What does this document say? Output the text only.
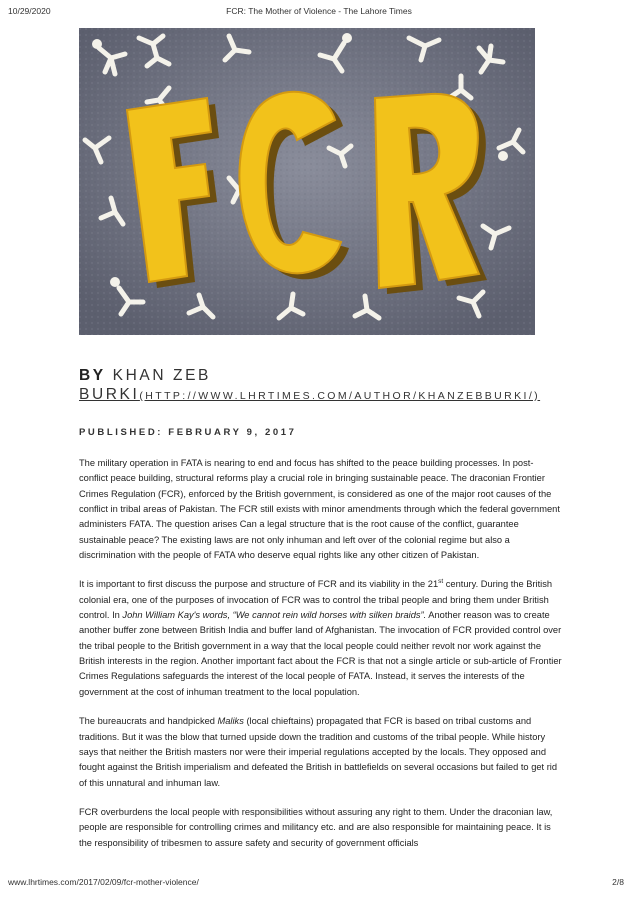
10/29/2020	FCR: The Mother of Violence - The Lahore Times
BY KHAN ZEB
BURKI(HTTP://WWW.LHRTIMES.COM/AUTHOR/KHANZEBBURKI/)
PUBLISHED: FEBRUARY 9, 2017

The military operation in FATA is nearing to end and focus has shifted to the peace building processes. In post-conflict peace building, structural reforms play a crucial role in bringing sustainable peace. The draconian Frontier Crimes Regulation (FCR), enforced by the British government, is considered as one of the major root causes of the conflict in tribal areas of Pakistan. The FCR still exists with minor amendments through which the federal government administers FATA. The question arises Can a legal structure that is the root cause of the conflict, guarantee sustainable peace? The existing laws are not only inhuman and left over of the colonial regime but also a discrimination with the people of FATA who deserve equal rights like any other citizen of Pakistan.

It is important to first discuss the purpose and structure of FCR and its viability in the 21st century. During the British colonial era, one of the purposes of invocation of FCR was to control the tribal people and bring them under British control. In John William Kay's words, “We cannot rein wild horses with silken braids”. Another reason was to create another buffer zone between British India and buffer land of Afghanistan. The invocation of FCR provided control over the tribal people to the British government in a way that the local people could neither revolt nor work against the British interests in the region. Another important fact about the FCR is that not a single article or sub-article of Frontier Crimes Regulations safeguards the interest of the local people of FATA. Instead, it serves the interests of the government at the cost of inhuman treatment to the local population.

The bureaucrats and handpicked Maliks (local chieftains) propagated that FCR is based on tribal customs and traditions. But it was the blow that turned upside down the tradition and customs of the tribal people. While history says that neither the British masters nor were their imperial regulations accepted by the locals. They opposed and fought against the British imperialism and defeated the British in battlefields on several occasions but failed to get rid of this unnatural and inhuman law.

FCR overburdens the local people with responsibilities without assuring any right to them. Under the draconian law, people are responsible for controlling crimes and militancy etc. and are also responsible for maintaining peace. It is the responsibility of tribesmen to assure safety and security of government officials

www.lhrtimes.com/2017/02/09/fcr-mother-violence/	2/8
